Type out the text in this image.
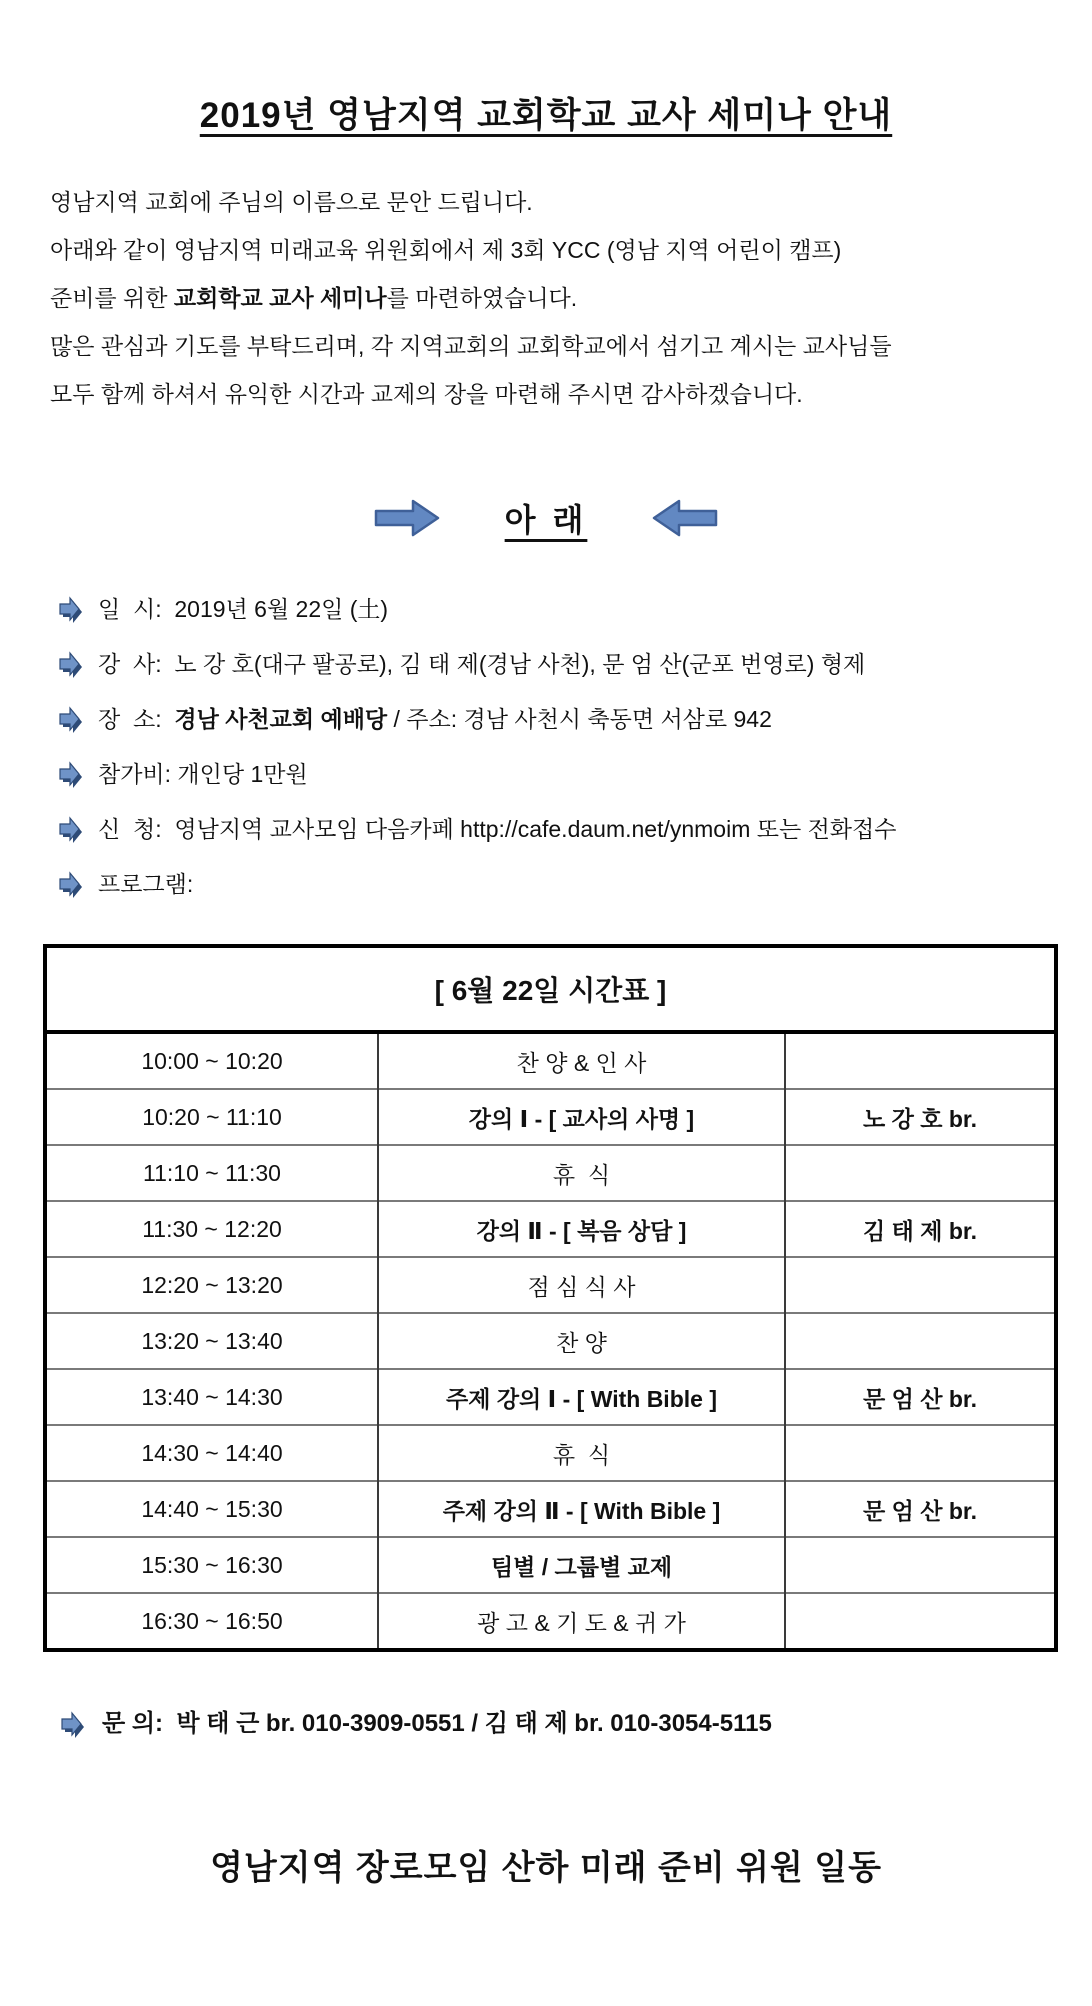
2019년 영남지역 교회학교 교사 세미나 안내
영남지역 교회에 주님의 이름으로 문안 드립니다.
아래와 같이 영남지역 미래교육 위원회에서 제 3회 YCC (영남 지역 어린이 캠프)
준비를 위한 교회학교 교사 세미나를 마련하였습니다.
많은 관심과 기도를 부탁드리며, 각 지역교회의 교회학교에서 섬기고 계시는 교사님들
모두 함께 하셔서 유익한 시간과 교제의 장을 마련해 주시면 감사하겠습니다.
아 래
일  시:  2019년 6월 22일 (土)
강  사:  노 강 호(대구 팔공로), 김 태 제(경남 사천), 문 엄 산(군포 번영로) 형제
장  소: 경남 사천교회 예배당 / 주소: 경남 사천시 축동면 서삼로 942
참가비: 개인당 1만원
신  청:  영남지역 교사모임 다음카페 http://cafe.daum.net/ynmoim 또는 전화접수
프로그램:
[ 6월 22일 시간표 ]		
10:00 ~ 10:20	찬 양 & 인 사	
10:20 ~ 11:10	강의 Ⅰ - [ 교사의 사명 ]	노 강 호 br.
11:10 ~ 11:30	휴  식	
11:30 ~ 12:20	강의 Ⅱ - [ 복음 상담 ]	김 태 제 br.
12:20 ~ 13:20	점 심 식 사	
13:20 ~ 13:40	찬 양	
13:40 ~ 14:30	주제 강의 Ⅰ - [ With Bible ]	문 엄 산 br.
14:30 ~ 14:40	휴  식	
14:40 ~ 15:30	주제 강의 Ⅱ - [ With Bible ]	문 엄 산 br.
15:30 ~ 16:30	팀별 / 그룹별 교제	
16:30 ~ 16:50	광 고 & 기 도 & 귀 가	
문 의:  박 태 근 br. 010-3909-0551 / 김 태 제 br. 010-3054-5115
영남지역 장로모임 산하 미래 준비 위원 일동
